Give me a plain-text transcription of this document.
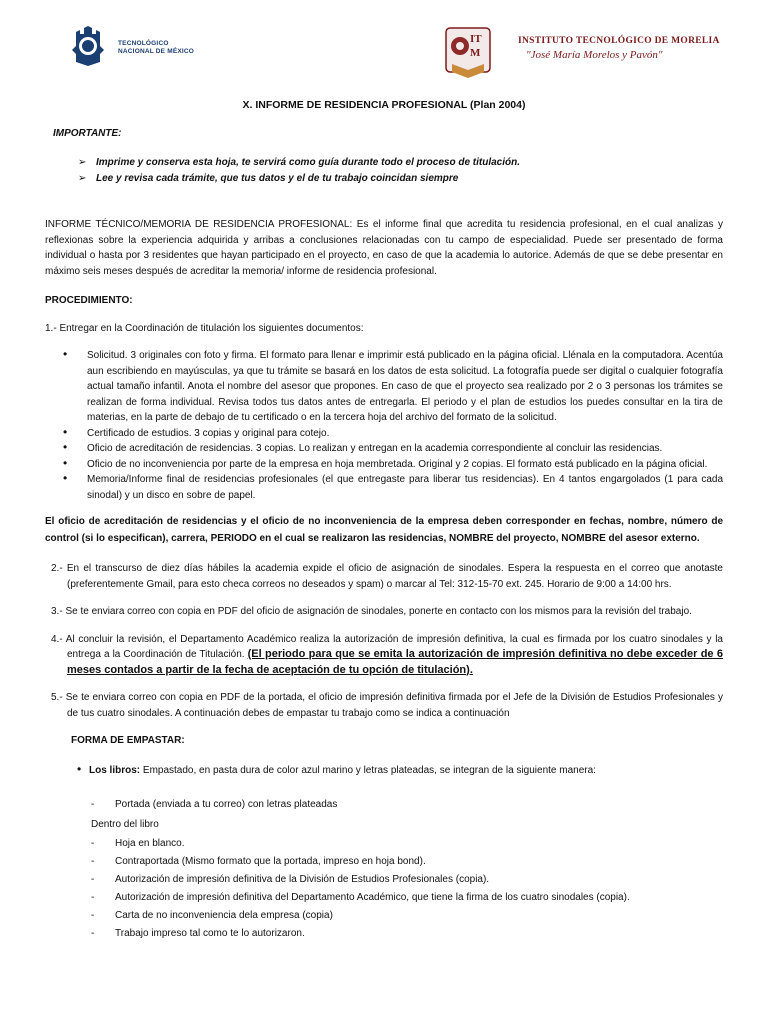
TECNOLÓGICO
NACIONAL DE MÉXICO
IT
M
INSTITUTO TECNOLÓGICO DE MORELIA
"José María Morelos y Pavón"
X. INFORME DE RESIDENCIA PROFESIONAL (Plan 2004)
IMPORTANTE:
➢ Imprime y conserva esta hoja, te servirá como guía durante todo el proceso de titulación.
➢ Lee y revisa cada trámite, que tus datos y el de tu trabajo coincidan siempre

INFORME TÉCNICO/MEMORIA DE RESIDENCIA PROFESIONAL: Es el informe final que acredita tu residencia profesional, en el cual analizas y reflexionas sobre la experiencia adquirida y arribas a conclusiones relacionadas con tu campo de especialidad. Puede ser presentado de forma individual o hasta por 3 residentes que hayan participado en el proyecto, en caso de que la academia lo autorice. Además de que se debe presentar en máximo seis meses después de acreditar la memoria/ informe de residencia profesional.

PROCEDIMIENTO:

1.- Entregar en la Coordinación de titulación los siguientes documentos:

• Solicitud. 3 originales con foto y firma. El formato para llenar e imprimir está publicado en la página oficial. Llénala en la computadora. Acentúa aun escribiendo en mayúsculas, ya que tu trámite se basará en los datos de esta solicitud. La fotografía puede ser digital o cualquier fotografía actual tamaño infantil. Anota el nombre del asesor que propones. En caso de que el proyecto sea realizado por 2 o 3 personas los trámites se realizan de forma individual. Revisa todos tus datos antes de entregarla. El periodo y el plan de estudios los puedes consultar en la tira de materias, en la parte de debajo de tu certificado o en la tercera hoja del archivo del formato de la solicitud.
• Certificado de estudios. 3 copias y original para cotejo.
• Oficio de acreditación de residencias. 3 copias. Lo realizan y entregan en la academia correspondiente al concluir las residencias.
• Oficio de no inconveniencia por parte de la empresa en hoja membretada. Original y 2 copias. El formato está publicado en la página oficial.
• Memoria/Informe final de residencias profesionales (el que entregaste para liberar tus residencias). En 4 tantos engargolados (1 para cada sinodal) y un disco en sobre de papel.

El oficio de acreditación de residencias y el oficio de no inconveniencia de la empresa deben corresponder en fechas, nombre, número de control (si lo especifican), carrera, PERIODO en el cual se realizaron las residencias, NOMBRE del proyecto, NOMBRE del asesor externo.

2.- En el transcurso de diez días hábiles la academia expide el oficio de asignación de sinodales. Espera la respuesta en el correo que anotaste (preferentemente Gmail, para esto checa correos no deseados y spam) o marcar al Tel: 312-15-70 ext. 245. Horario de 9:00 a 14:00 hrs.

3.- Se te enviara correo con copia en PDF del oficio de asignación de sinodales, ponerte en contacto con los mismos para la revisión del trabajo.

4.- Al concluir la revisión, el Departamento Académico realiza la autorización de impresión definitiva, la cual es firmada por los cuatro sinodales y la entrega a la Coordinación de Titulación. (El periodo para que se emita la autorización de impresión definitiva no debe exceder de 6 meses contados a partir de la fecha de aceptación de tu opción de titulación).

5.- Se te enviara correo con copia en PDF de la portada, el oficio de impresión definitiva firmada por el Jefe de la División de Estudios Profesionales y de tus cuatro sinodales. A continuación debes de empastar tu trabajo como se indica a continuación

FORMA DE EMPASTAR:
• Los libros: Empastado, en pasta dura de color azul marino y letras plateadas, se integran de la siguiente manera:
- Portada (enviada a tu correo) con letras plateadas
Dentro del libro
- Hoja en blanco.
- Contraportada (Mismo formato que la portada, impreso en hoja bond).
- Autorización de impresión definitiva de la División de Estudios Profesionales (copia).
- Autorización de impresión definitiva del Departamento Académico, que tiene la firma de los cuatro sinodales (copia).
- Carta de no inconveniencia dela empresa (copia)
- Trabajo impreso tal como te lo autorizaron.
